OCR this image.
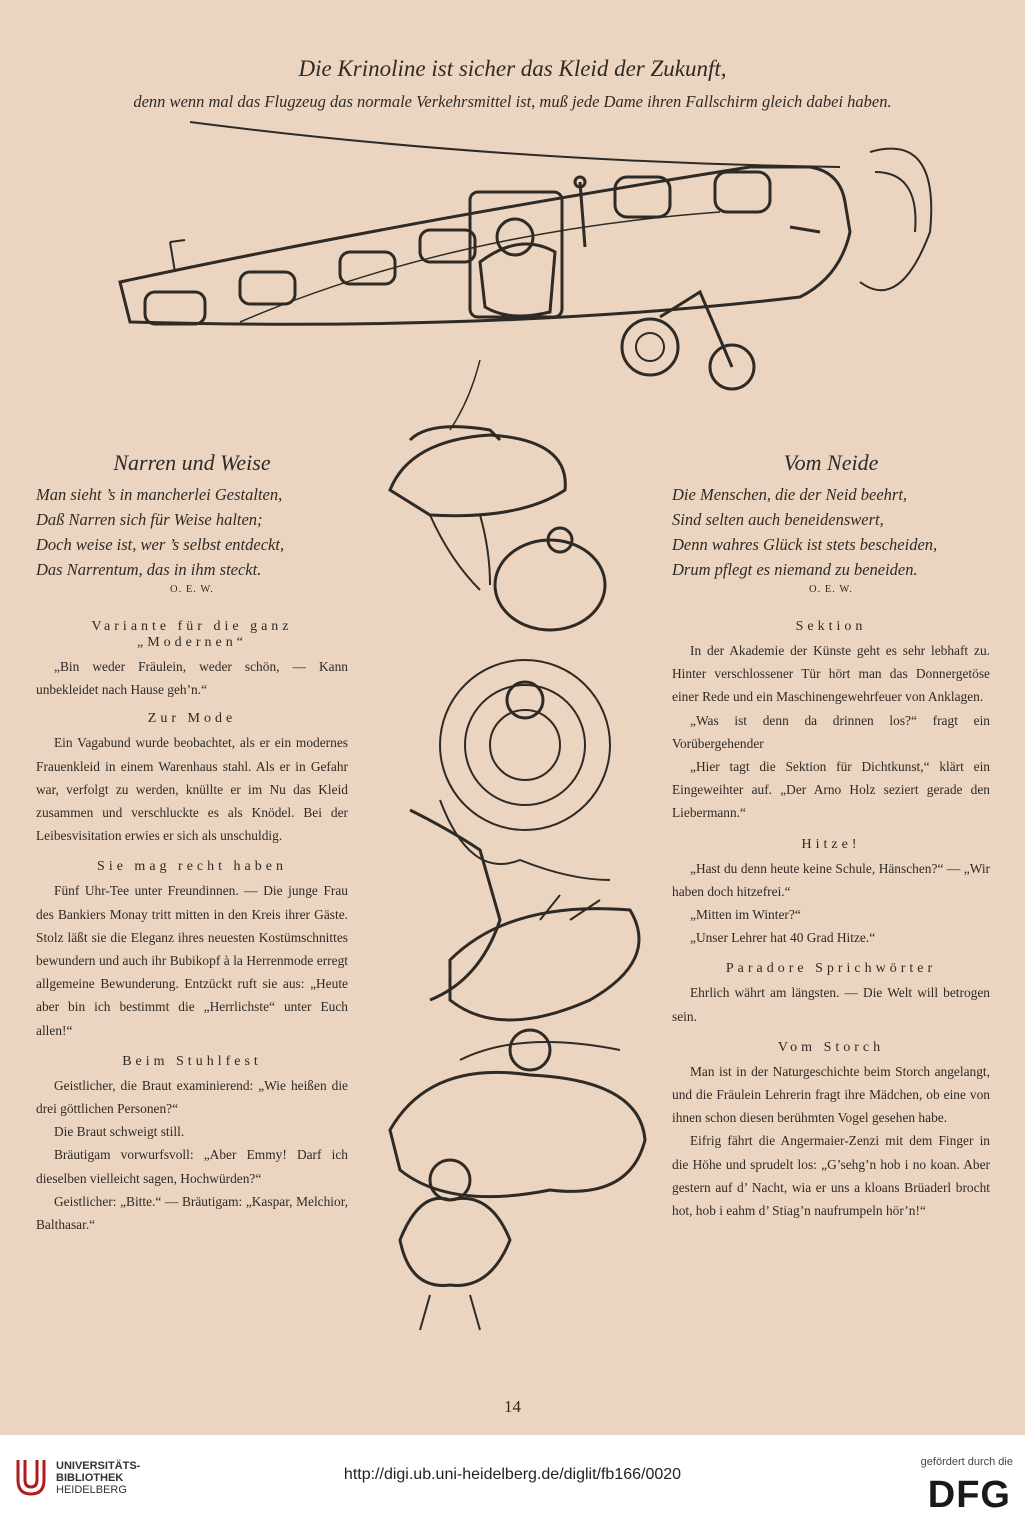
Die Krinoline ist sicher das Kleid der Zukunft,
denn wenn mal das Flugzeug das normale Verkehrsmittel ist, muß jede Dame ihren Fallschirm gleich dabei haben.
Narren und Weise
Man sieht ’s in mancherlei Gestalten,
Daß Narren sich für Weise halten;
Doch weise ist, wer ’s selbst entdeckt,
Das Narrentum, das in ihm steckt.
O. E. W.
Variante für die ganz „Modernen“
„Bin weder Fräulein, weder schön, — Kann unbekleidet nach Hause geh’n.“
Zur Mode
Ein Vagabund wurde beobachtet, als er ein modernes Frauenkleid in einem Warenhaus stahl. Als er in Gefahr war, verfolgt zu werden, knüllte er im Nu das Kleid zusammen und verschluckte es als Knödel. Bei der Leibesvisitation erwies er sich als unschuldig.
Sie mag recht haben
Fünf Uhr-Tee unter Freundinnen. — Die junge Frau des Bankiers Monay tritt mitten in den Kreis ihrer Gäste. Stolz läßt sie die Eleganz ihres neuesten Kostümschnittes bewundern und auch ihr Bubikopf à la Herrenmode erregt allgemeine Bewunderung. Entzückt ruft sie aus: „Heute aber bin ich bestimmt die „Herrlichste“ unter Euch allen!“
Beim Stuhlfest
Geistlicher, die Braut examinierend: „Wie heißen die drei göttlichen Personen?“
Die Braut schweigt still.
Bräutigam vorwurfsvoll: „Aber Emmy! Darf ich dieselben vielleicht sagen, Hochwürden?“
Geistlicher: „Bitte.“ — Bräutigam: „Kaspar, Melchior, Balthasar.“
Vom Neide
Die Menschen, die der Neid beehrt,
Sind selten auch beneidenswert,
Denn wahres Glück ist stets bescheiden,
Drum pflegt es niemand zu beneiden.
O. E. W.
Sektion
In der Akademie der Künste geht es sehr lebhaft zu. Hinter verschlossener Tür hört man das Donnergetöse einer Rede und ein Maschinengewehrfeuer von Anklagen.
„Was ist denn da drinnen los?“ fragt ein Vorübergehender
„Hier tagt die Sektion für Dichtkunst,“ klärt ein Eingeweihter auf. „Der Arno Holz seziert gerade den Liebermann.“
Hitze!
„Hast du denn heute keine Schule, Hänschen?“ — „Wir haben doch hitzefrei.“
„Mitten im Winter?“
„Unser Lehrer hat 40 Grad Hitze.“
Paradore Sprichwörter
Ehrlich währt am längsten. — Die Welt will betrogen sein.
Vom Storch
Man ist in der Naturgeschichte beim Storch angelangt, und die Fräulein Lehrerin fragt ihre Mädchen, ob eine von ihnen schon diesen berühmten Vogel gesehen habe.
Eifrig fährt die Angermaier-Zenzi mit dem Finger in die Höhe und sprudelt los: „G’sehg’n hob i no koan. Aber gestern auf d’ Nacht, wia er uns a kloans Brüaderl brocht hot, hob i eahm d’ Stiag’n naufrumpeln hör’n!“
14
UNIVERSITÄTS-
BIBLIOTHEK
HEIDELBERG
http://digi.ub.uni-heidelberg.de/diglit/fb166/0020
gefördert durch die
DFG
